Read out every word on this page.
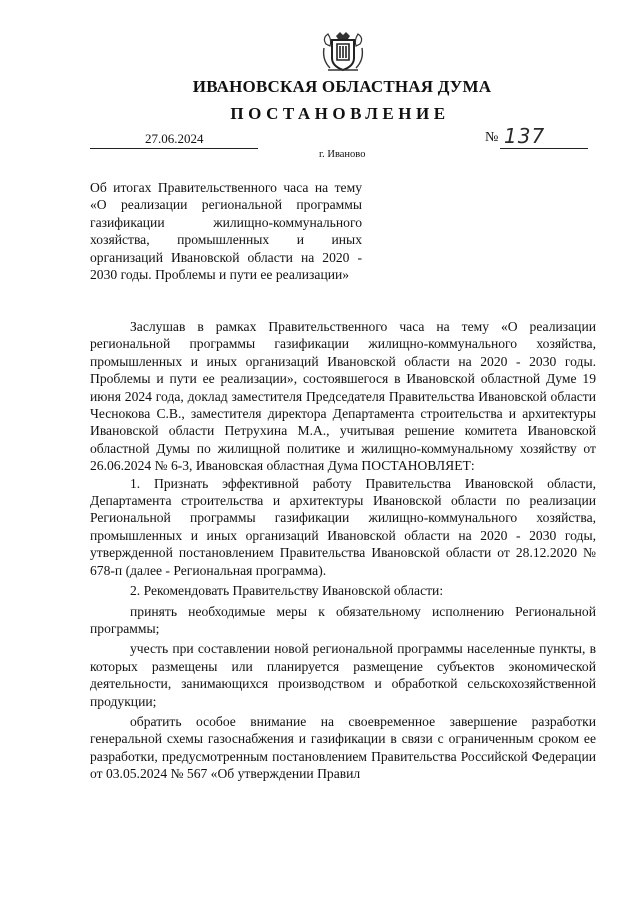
ИВАНОВСКАЯ ОБЛАСТНАЯ ДУМА
ПОСТАНОВЛЕНИЕ
27.06.2024	№ 137
г. Иваново
Об итогах Правительственного часа на тему «О реализации региональной программы газификации жилищно-коммунального хозяйства, промышленных и иных организаций Ивановской области на 2020 - 2030 годы. Проблемы и пути ее реализации»

Заслушав в рамках Правительственного часа на тему «О реализации региональной программы газификации жилищно-коммунального хозяйства, промышленных и иных организаций Ивановской области на 2020 - 2030 годы. Проблемы и пути ее реализации», состоявшегося в Ивановской областной Думе 19 июня 2024 года, доклад заместителя Председателя Правительства Ивановской области Чеснокова С.В., заместителя директора Департамента строительства и архитектуры Ивановской области Петрухина М.А., учитывая решение комитета Ивановской областной Думы по жилищной политике и жилищно-коммунальному хозяйству от 26.06.2024 № 6-3, Ивановская областная Дума ПОСТАНОВЛЯЕТ:

1. Признать эффективной работу Правительства Ивановской области, Департамента строительства и архитектуры Ивановской области по реализации Региональной программы газификации жилищно-коммунального хозяйства, промышленных и иных организаций Ивановской области на 2020 - 2030 годы, утвержденной постановлением Правительства Ивановской области от 28.12.2020 № 678-п (далее - Региональная программа).

2. Рекомендовать Правительству Ивановской области:

принять необходимые меры к обязательному исполнению Региональной программы;

учесть при составлении новой региональной программы населенные пункты, в которых размещены или планируется размещение субъектов экономической деятельности, занимающихся производством и обработкой сельскохозяйственной продукции;

обратить особое внимание на своевременное завершение разработки генеральной схемы газоснабжения и газификации в связи с ограниченным сроком ее разработки, предусмотренным постановлением Правительства Российской Федерации от 03.05.2024 № 567 «Об утверждении Правил
